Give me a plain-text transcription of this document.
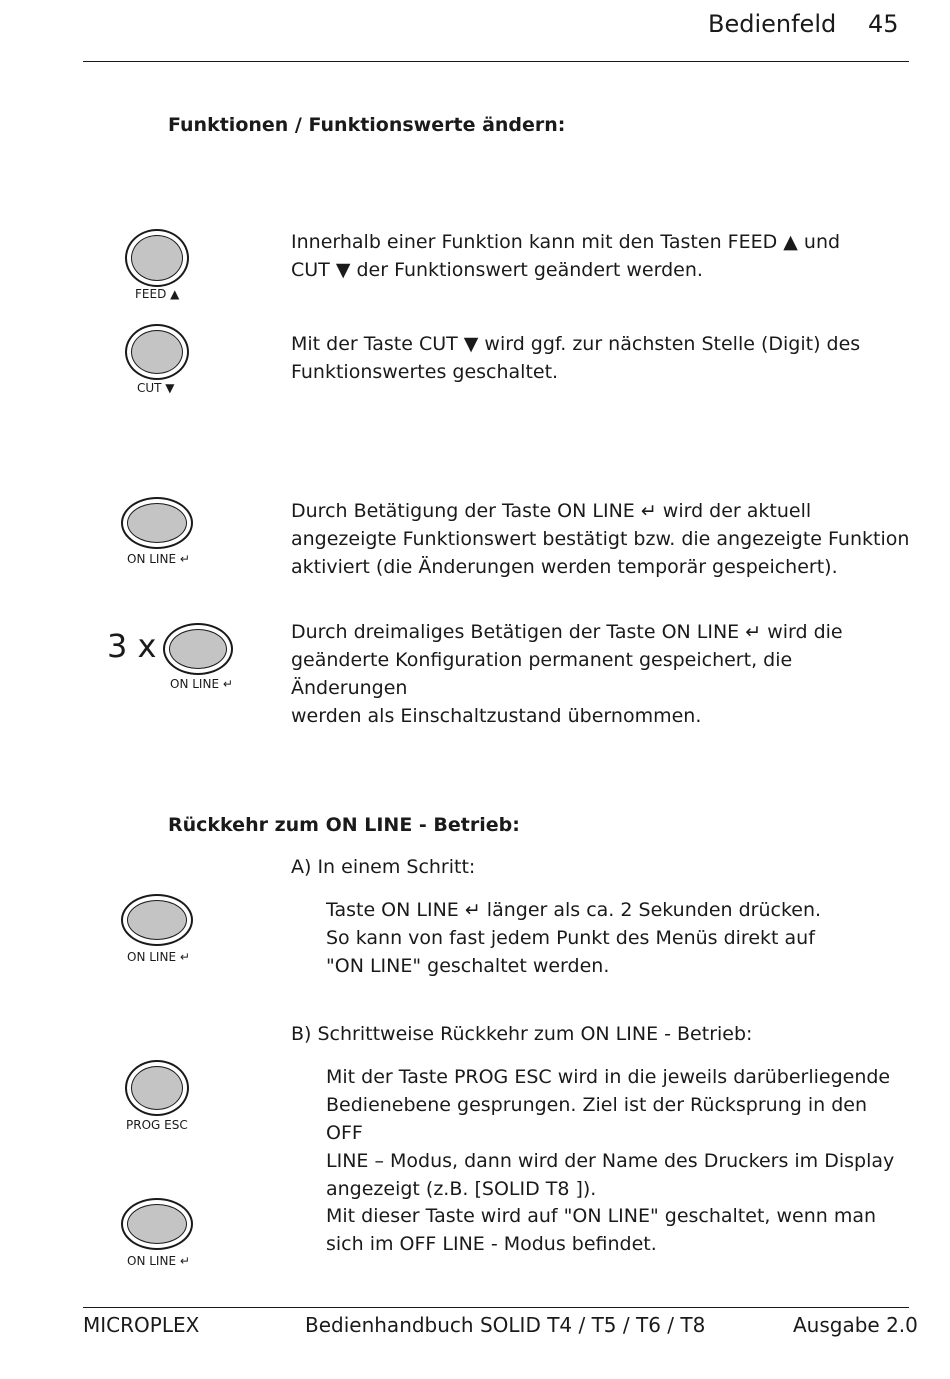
Bedienfeld 45
Funktionen / Funktionswerte ändern:
FEED ▲
Innerhalb einer Funktion kann mit den Tasten FEED ▲ und
CUT ▼ der Funktionswert geändert werden.
CUT ▼
Mit der Taste CUT ▼ wird ggf. zur nächsten Stelle (Digit) des
Funktionswertes geschaltet.
ON LINE ↵
Durch Betätigung der Taste ON LINE ↵ wird der aktuell
angezeigte Funktionswert bestätigt bzw. die angezeigte Funktion
aktiviert (die Änderungen werden temporär gespeichert).
3 x
ON LINE ↵
Durch dreimaliges Betätigen der Taste ON LINE ↵ wird die
geänderte Konfiguration permanent gespeichert, die Änderungen
werden als Einschaltzustand übernommen.
Rückkehr zum ON LINE - Betrieb:
A) In einem Schritt:
ON LINE ↵
Taste ON LINE ↵ länger als ca. 2 Sekunden drücken.
So kann von fast jedem Punkt des Menüs direkt auf
"ON LINE" geschaltet werden.
B) Schrittweise Rückkehr zum ON LINE - Betrieb:
PROG ESC
Mit der Taste PROG ESC wird in die jeweils darüberliegende
Bedienebene gesprungen. Ziel ist der Rücksprung in den OFF
LINE – Modus, dann wird der Name des Druckers im Display
angezeigt (z.B. [SOLID T8 ]).
ON LINE ↵
Mit dieser Taste wird auf "ON LINE" geschaltet, wenn man
sich im OFF LINE - Modus befindet.
MICROPLEX	Bedienhandbuch SOLID T4 / T5 / T6 / T8	Ausgabe 2.0
